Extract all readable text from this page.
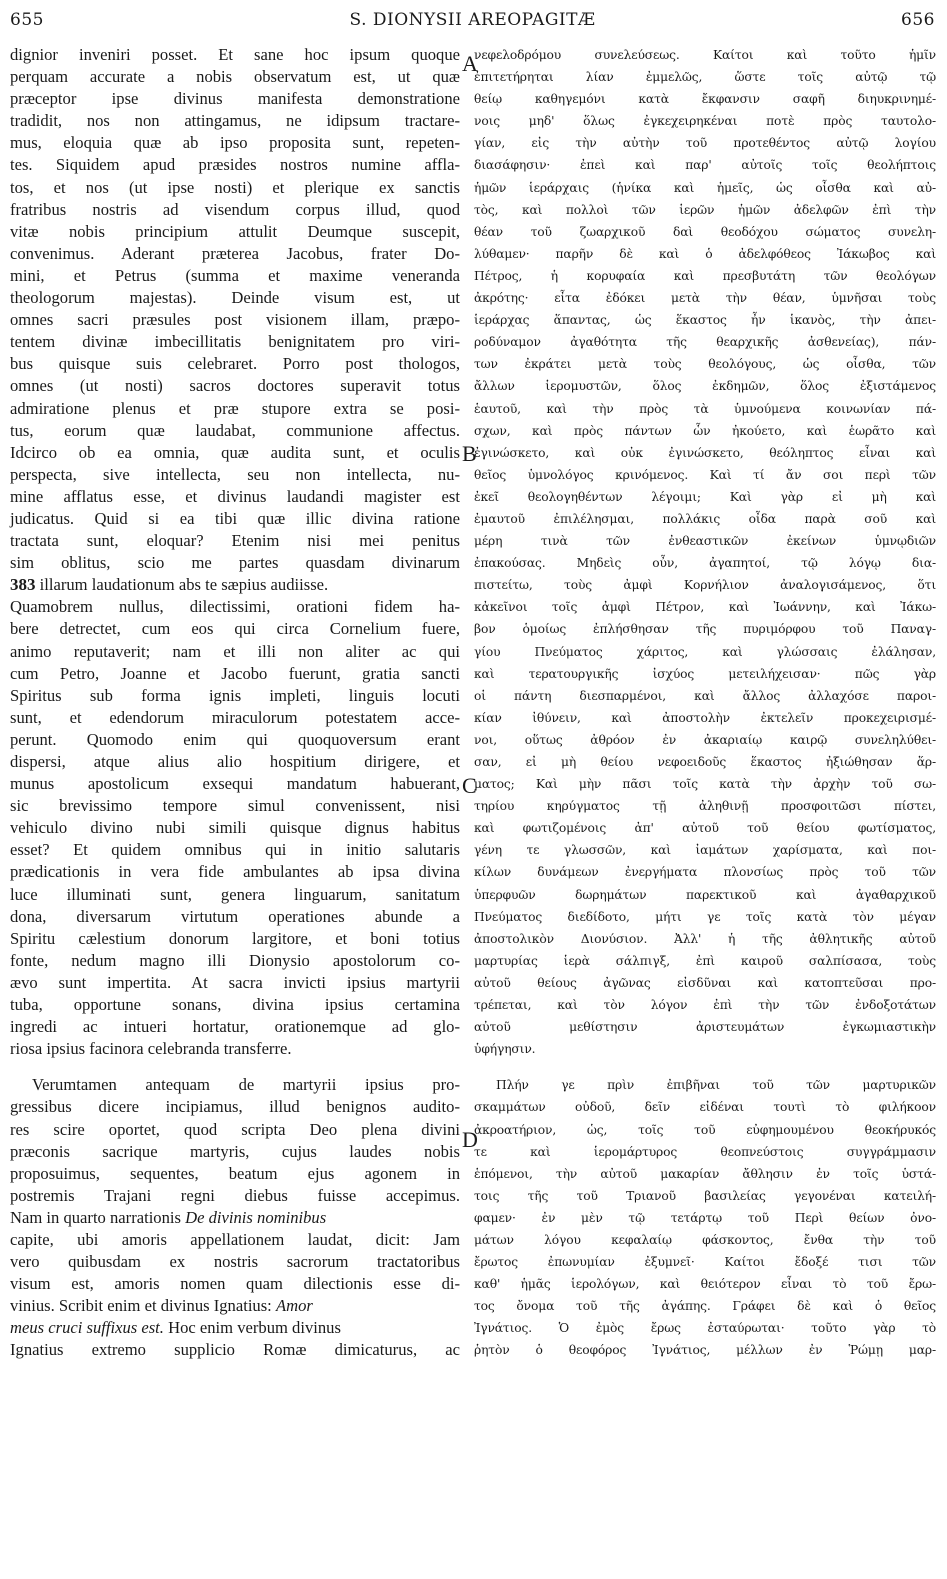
655	S. DIONYSII AREOPAGITÆ	656
A
B
C
D
dignior inveniri posset. Et sane hoc ipsum quoque
perquam accurate a nobis observatum est, ut quæ
præceptor ipse divinus manifesta demonstratione
tradidit, nos non attingamus, ne idipsum tractare-
mus, eloquia quæ ab ipso proposita sunt, repeten-
tes. Siquidem apud præsides nostros numine affla-
tos, et nos (ut ipse nosti) et plerique ex sanctis
fratribus nostris ad visendum corpus illud, quod
vitæ nobis principium attulit Deumque suscepit,
convenimus. Aderant præterea Jacobus, frater Do-
mini, et Petrus (summa et maxime veneranda
theologorum majestas). Deinde visum est, ut
omnes sacri præsules post visionem illam, præpo-
tentem divinæ imbecillitatis benignitatem pro viri-
bus quisque suis celebraret. Porro post thologos,
omnes (ut nosti) sacros doctores superavit totus
admiratione plenus et præ stupore extra se posi-
tus, eorum quæ laudabat, communione affectus.
Idcirco ob ea omnia, quæ audita sunt, et oculis
perspecta, sive intellecta, seu non intellecta, nu-
mine afflatus esse, et divinus laudandi magister est
judicatus. Quid si ea tibi quæ illic divina ratione
tractata sunt, eloquar? Etenim nisi mei penitus
sim oblitus, scio me partes quasdam divinarum
383 illarum laudationum abs te sæpius audiisse.
Quamobrem nullus, dilectissimi, orationi fidem ha-
bere detrectet, cum eos qui circa Cornelium fuere,
animo reputaverit; nam et illi non aliter ac qui
cum Petro, Joanne et Jacobo fuerunt, gratia sancti
Spiritus sub forma ignis impleti, linguis locuti
sunt, et edendorum miraculorum potestatem acce-
perunt. Quomodo enim qui quoquoversum erant
dispersi, atque alius alio hospitium dirigere, et
munus apostolicum exsequi mandatum habuerant,
sic brevissimo tempore simul convenissent, nisi
vehiculo divino nubi simili quisque dignus habitus
esset? Et quidem omnibus qui in initio salutaris
prædicationis in vera fide ambulantes ab ipsa divina
luce illuminati sunt, genera linguarum, sanitatum
dona, diversarum virtutum operationes abunde a
Spiritu cælestium donorum largitore, et boni totius
fonte, nedum magno illi Dionysio apostolorum co-
ævo sunt impertita. At sacra invicti ipsius martyrii
tuba, opportune sonans, divina ipsius certamina
ingredi ac intueri hortatur, orationemque ad glo-
riosa ipsius facinora celebranda transferre.
Verumtamen antequam de martyrii ipsius pro-
gressibus dicere incipiamus, illud benignos audito-
res scire oportet, quod scripta Deo plena divini
præconis sacrique martyris, cujus laudes nobis
proposuimus, sequentes, beatum ejus agonem in
postremis Trajani regni diebus fuisse accepimus.
Nam in quarto narrationis De divinis nominibus
capite, ubi amoris appellationem laudat, dicit: Jam
vero quibusdam ex nostris sacrorum tractatoribus
visum est, amoris nomen quam dilectionis esse di-
vinius. Scribit enim et divinus Ignatius: Amor
meus cruci suffixus est. Hoc enim verbum divinus
Ignatius extremo supplicio Romæ dimicaturus, ac
νεφελοδρόμου συνελεύσεως. Καίτοι καὶ τοῦτο ἡμῖν
ἐπιτετήρηται λίαν ἐμμελῶς, ὥστε τοῖς αὐτῷ τῷ
θείῳ καθηγεμόνι κατὰ ἔκφανσιν σαφῆ διηυκρινημέ-
νοις μηδ' ὅλως ἐγκεχειρηκέναι ποτὲ πρὸς ταυτολο-
γίαν, εἰς τὴν αὐτὴν τοῦ προτεθέντος αὐτῷ λογίου
διασάφησιν· ἐπεὶ καὶ παρ' αὐτοῖς τοῖς θεολήπτοις
ἡμῶν ἱεράρχαις (ἡνίκα καὶ ἡμεῖς, ὡς οἶσθα καὶ αὐ-
τὸς, καὶ πολλοὶ τῶν ἱερῶν ἡμῶν ἀδελφῶν ἐπὶ τὴν
θέαν τοῦ ζωαρχικοῦ δαὶ θεοδόχου σώματος συνελη-
λύθαμεν· παρῆν δὲ καὶ ὁ ἀδελφόθεος Ἰάκωβος καὶ
Πέτρος, ἡ κορυφαία καὶ πρεσβυτάτη τῶν θεολόγων
ἀκρότης· εἶτα ἐδόκει μετὰ τὴν θέαν, ὑμνῆσαι τοὺς
ἱεράρχας ἅπαντας, ὡς ἕκαστος ἦν ἱκανὸς, τὴν ἀπει-
ροδύναμον ἀγαθότητα τῆς θεαρχικῆς ἀσθενείας), πάν-
των ἐκράτει μετὰ τοὺς θεολόγους, ὡς οἶσθα, τῶν
ἄλλων ἱερομυστῶν, ὅλος ἐκδημῶν, ὅλος ἐξιστάμενος
ἑαυτοῦ, καὶ τὴν πρὸς τὰ ὑμνούμενα κοινωνίαν πά-
σχων, καὶ πρὸς πάντων ὧν ἠκούετο, καὶ ἑωρᾶτο καὶ
ἐγινώσκετο, καὶ οὐκ ἐγινώσκετο, θεόληπτος εἶναι καὶ
θεῖος ὑμνολόγος κρινόμενος. Καὶ τί ἄν σοι περὶ τῶν
ἐκεῖ θεολογηθέντων λέγοιμι; Καὶ γὰρ εἰ μὴ καὶ
ἐμαυτοῦ ἐπιλέλησμαι, πολλάκις οἶδα παρὰ σοῦ καὶ
μέρη τινὰ τῶν ἐνθεαστικῶν ἐκείνων ὑμνῳδιῶν
ἐπακούσας. Μηδεὶς οὖν, ἀγαπητοί, τῷ λόγῳ δια-
πιστείτω, τοὺς ἀμφὶ Κορνήλιον ἀναλογισάμενος, ὅτι
κἀκεῖνοι τοῖς ἀμφὶ Πέτρον, καὶ Ἰωάννην, καὶ Ἰάκω-
βον ὁμοίως ἐπλήσθησαν τῆς πυριμόρφου τοῦ Παναγ-
γίου Πνεύματος χάριτος, καὶ γλώσσαις ἐλάλησαν,
καὶ τερατουργικῆς ἰσχύος μετειλήχεισαν· πῶς γὰρ
οἱ πάντη διεσπαρμένοι, καὶ ἄλλος ἀλλαχόσε παροι-
κίαν ἰθύνειν, καὶ ἀποστολὴν ἐκτελεῖν προκεχειρισμέ-
νοι, οὕτως ἀθρόον ἐν ἀκαριαίῳ καιρῷ συνεληλύθει-
σαν, εἰ μὴ θείου νεφοειδοῦς ἕκαστος ἠξιώθησαν ἅρ-
ματος; Καὶ μὴν πᾶσι τοῖς κατὰ τὴν ἀρχὴν τοῦ σω-
τηρίου κηρύγματος τῇ ἀληθινῇ προσφοιτῶσι πίστει,
καὶ φωτιζομένοις ἀπ' αὐτοῦ τοῦ θείου φωτίσματος,
γένη τε γλωσσῶν, καὶ ἰαμάτων χαρίσματα, καὶ ποι-
κίλων δυνάμεων ἐνεργήματα πλονσίως πρὸς τοῦ τῶν
ὑπερφυῶν δωρημάτων παρεκτικοῦ καὶ ἀγαθαρχικοῦ
Πνεύματος διεδίδοτο, μήτι γε τοῖς κατὰ τὸν μέγαν
ἀποστολικὸν Διονύσιον. Ἀλλ' ἡ τῆς ἀθλητικῆς αὐτοῦ
μαρτυρίας ἱερὰ σάλπιγξ, ἐπὶ καιροῦ σαλπίσασα, τοὺς
αὐτοῦ θείους ἀγῶνας εἰσδῦναι καὶ κατοπτεῦσαι προ-
τρέπεται, καὶ τὸν λόγον ἐπὶ τὴν τῶν ἐνδοξοτάτων
αὐτοῦ μεθίστησιν ἀριστευμάτων ἐγκωμιαστικὴν
ὑφήγησιν.
Πλήν γε πρὶν ἐπιβῆναι τοῦ τῶν μαρτυρικῶν
σκαμμάτων οὐδοῦ, δεῖν εἰδέναι τουτὶ τὸ φιλήκοον
ἀκροατήριον, ὡς, τοῖς τοῦ εὐφημουμένου θεοκήρυκός
τε καὶ ἱερομάρτυρος θεοπνεύστοις συγγράμμασιν
ἑπόμενοι, τὴν αὐτοῦ μακαρίαν ἄθλησιν ἐν τοῖς ὑστά-
τοις τῆς τοῦ Τριανοῦ βασιλείας γεγονέναι κατειλή-
φαμεν· ἐν μὲν τῷ τετάρτῳ τοῦ Περὶ θείων ὀνο-
μάτων λόγου κεφαλαίῳ φάσκοντος, ἔνθα τὴν τοῦ
ἔρωτος ἐπωνυμίαν ἐξυμνεῖ· Καίτοι ἔδοξέ τισι τῶν
καθ' ἡμᾶς ἱερολόγων, καὶ θειότερον εἶναι τὸ τοῦ ἔρω-
τος ὄνομα τοῦ τῆς ἀγάπης. Γράφει δὲ καὶ ὁ θεῖος
Ἰγνάτιος. Ὁ ἐμὸς ἔρως ἐσταύρωται· τοῦτο γὰρ τὸ
ῥητὸν ὁ θεοφόρος Ἰγνάτιος, μέλλων ἐν Ῥώμῃ μαρ-
